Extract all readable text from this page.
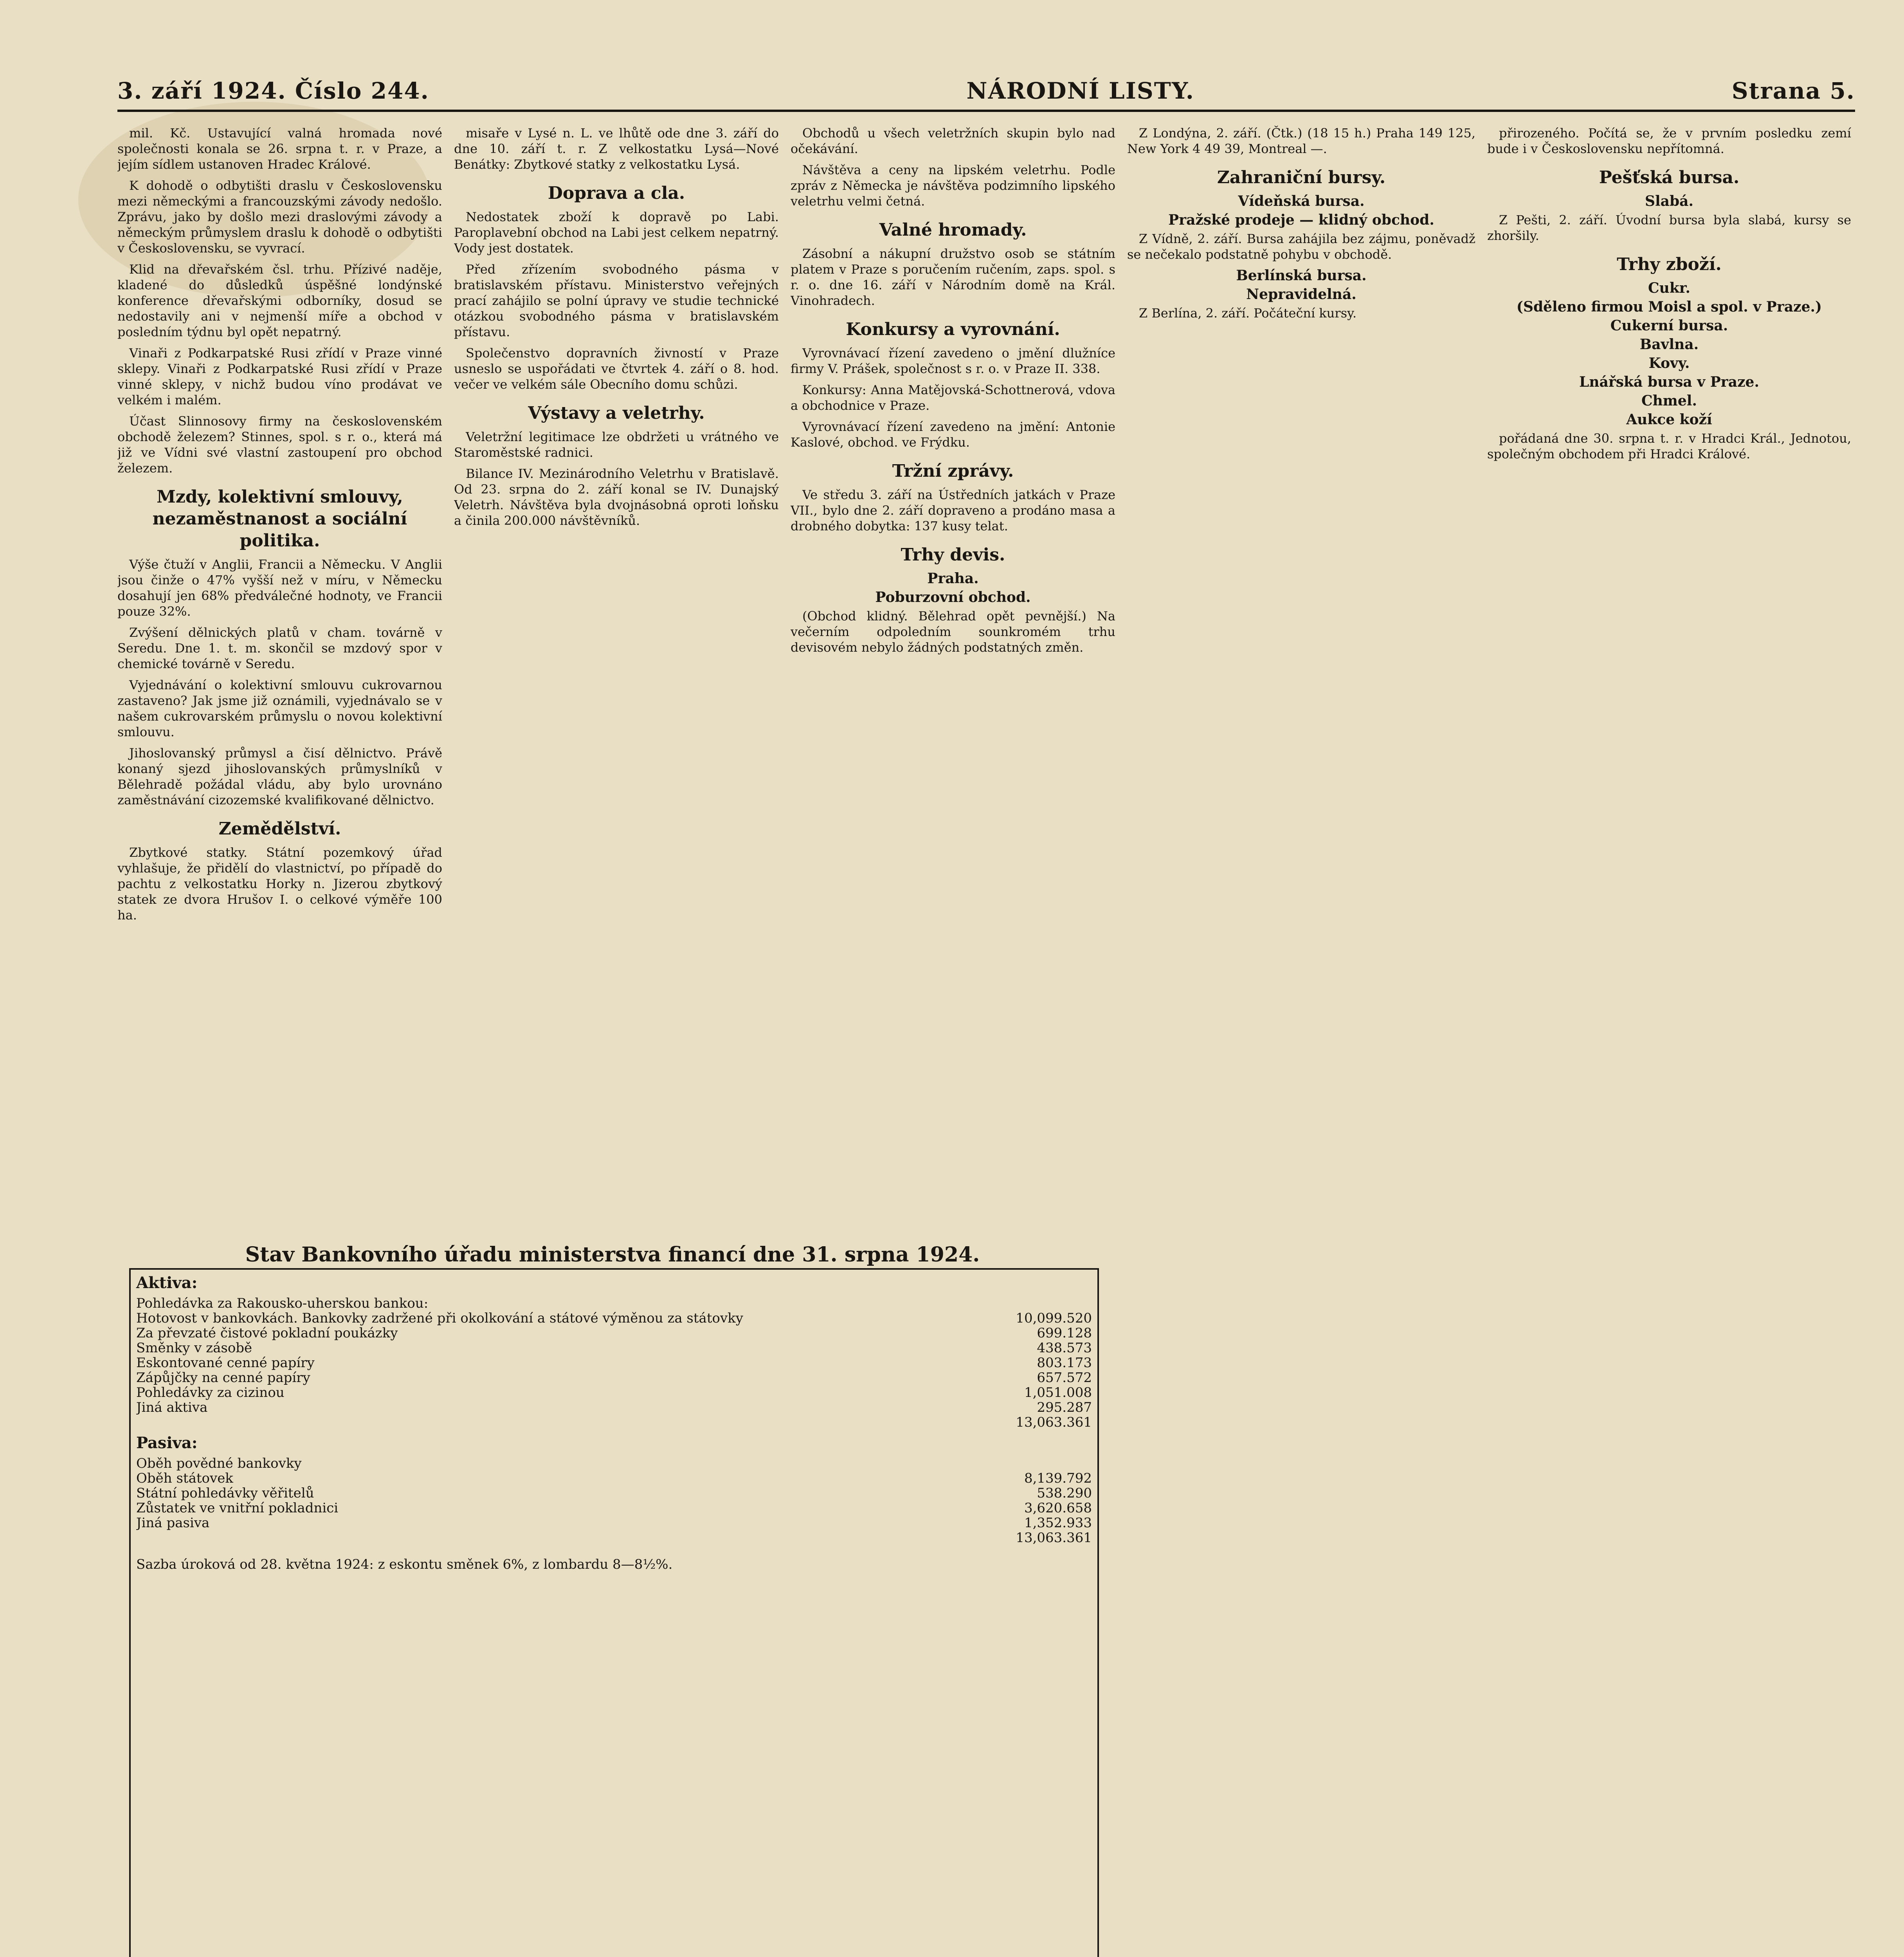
3. září 1924. Číslo 244.	NÁRODNÍ LISTY.	Strana 5.

mil. Kč. Ustavující valná hromada nové společnosti konala se 26. srpna t. r. v Praze, a jejím sídlem ustanoven Hradec Králové.

K dohodě o odbytišti draslu v Československu mezi německými a francouzskými závody nedošlo. Zprávu, jako by došlo mezi draslovými závody a německým průmyslem draslu k dohodě o odbytišti v Československu, se vyvrací.

Klid na dřevařském čsl. trhu. Přízivé naděje, kladené do důsledků úspěšné londýnské konference dřevařskými odborníky, dosud se nedostavily ani v nejmenší míře a obchod v posledním týdnu byl opět nepatrný.

Vinaři z Podkarpatské Rusi zřídí v Praze vinné sklepy. Vinaři z Podkarpatské Rusi zřídí v Praze vinné sklepy, v nichž budou víno prodávat ve velkém i malém.

Účast Slinnosovy firmy na československém obchodě železem? Stinnes, spol. s r. o., která má již ve Vídni své vlastní zastoupení pro obchod železem.

Mzdy, kolektivní smlouvy, nezaměstnanost a sociální politika.

Výše čtuží v Anglii, Francii a Německu. V Anglii jsou činže o 47% vyšší než v míru, v Německu dosahují jen 68% předválečné hodnoty, ve Francii pouze 32%.

Zvýšení dělnických platů v cham. továrně v Seredu. Dne 1. t. m. skončil se mzdový spor v chemické továrně v Seredu.

Vyjednávání o kolektivní smlouvu cukrovarnou zastaveno? Jak jsme již oznámili, vyjednávalo se v našem cukrovarském průmyslu o novou kolektivní smlouvu.

Jihoslovanský průmysl a čisí dělnictvo. Právě konaný sjezd jihoslovanských průmyslníků v Bělehradě požádal vládu, aby bylo urovnáno zaměstnávání cizozemské kvalifikované dělnictvo.

Zemědělství.

Zbytkové statky. Státní pozemkový úřad vyhlašuje, že přidělí do vlastnictví, po případě do pachtu z velkostatku Horky n. Jizerou zbytkový statek ze dvora Hrušov I. o celkové výměře 100 ha.

misaře v Lysé n. L. ve lhůtě ode dne 3. září do dne 10. září t. r. Z velkostatku Lysá—Nové Benátky: Zbytkové statky z velkostatku Lysá.

Doprava a cla.

Nedostatek zboží k dopravě po Labi. Paroplavební obchod na Labi jest celkem nepatrný. Vody jest dostatek.

Před zřízením svobodného pásma v bratislavském přístavu. Ministerstvo veřejných prací zahájilo se polní úpravy ve studie technické otázkou svobodného pásma v bratislavském přístavu.

Společenstvo dopravních živností v Praze usneslo se uspořádati ve čtvrtek 4. září o 8. hod. večer ve velkém sále Obecního domu schůzi.

Výstavy a veletrhy.

Veletržní legitimace lze obdržeti u vrátného ve Staroměstské radnici.

Bilance IV. Mezinárodního Veletrhu v Bratislavě. Od 23. srpna do 2. září konal se IV. Dunajský Veletrh. Návštěva byla dvojnásobná oproti loňsku a činila 200.000 návštěvníků.

Obchodů u všech veletržních skupin bylo nad očekávání.

Návštěva a ceny na lipském veletrhu. Podle zpráv z Německa je návštěva podzimního lipského veletrhu velmi četná.

Valné hromady.

Zásobní a nákupní družstvo osob se státním platem v Praze s poručením ručením, zaps. spol. s r. o. dne 16. září v Národním domě na Král. Vinohradech.

Konkursy a vyrovnání.

Vyrovnávací řízení zavedeno o jmění dlužníce firmy V. Prášek, společnost s r. o. v Praze II. 338.

Konkursy: Anna Matějovská-Schottnerová, vdova a obchodnice v Praze.

Vyrovnávací řízení zavedeno na jmění: Antonie Kaslové, obchod. ve Frýdku.

Tržní zprávy.

Ve středu 3. září na Ústředních jatkách v Praze VII., bylo dne 2. září dopraveno a prodáno masa a drobného dobytka: 137 kusy telat.

Trhy devis.
Praha.
Poburzovní obchod.

(Obchod klidný. Bělehrad opět pevnější.) Na večerním odpoledním sounkromém trhu devisovém nebylo žádných podstatných změn.

Z Londýna, 2. září. (Čtk.) (18 15 h.) Praha 149 125, New York 4 49 39, Montreal —.

Zahraniční bursy.
Vídeňská bursa.
Pražské prodeje — klidný obchod.

Z Vídně, 2. září. Bursa zahájila bez zájmu, poněvadž se nečekalo podstatně pohybu v obchodě.

Berlínská bursa.
Nepravidelná.

Z Berlína, 2. září. Počáteční kursy.

přirozeného. Počítá se, že v prvním posledku zemí bude i v Československu nepřítomná.

Pešťská bursa.
Slabá.

Z Pešti, 2. září. Úvodní bursa byla slabá, kursy se zhoršily.

Trhy zboží.
Cukr.
(Sděleno firmou Moisl a spol. v Praze.)
Cukerní bursa.
Bavlna.
Kovy.
Lnářská bursa v Praze.
Chmel.
Aukce koží

pořádaná dne 30. srpna t. r. v Hradci Král., Jednotou, společným obchodem při Hradci Králové.

Stav Bankovního úřadu ministerstva financí dne 31. srpna 1924.
Aktiva:
Pohledávka za Rakousko-uherskou bankou:
Hotovost v bankovkách. Bankovky zadržené při okolkování a státové výměnou za státovky	10,099.520
Za převzaté čistové pokladní poukázky	699.128
Směnky v zásobě	438.573
Eskontované cenné papíry	803.173
Zápůjčky na cenné papíry	657.572
Pohledávky za cizinou	1,051.008
Jiná aktiva	295.287
13,063.361
Pasiva:
Oběh povědné bankovky
Oběh státovek	8,139.792
Státní pohledávky věřitelů	538.290
Zůstatek ve vnitřní pokladnici	3,620.658
Jiná pasiva	1,352.933
13,063.361
Sazba úroková od 28. května 1924: z eskontu směnek 6%, z lombardu 8—8½%.
